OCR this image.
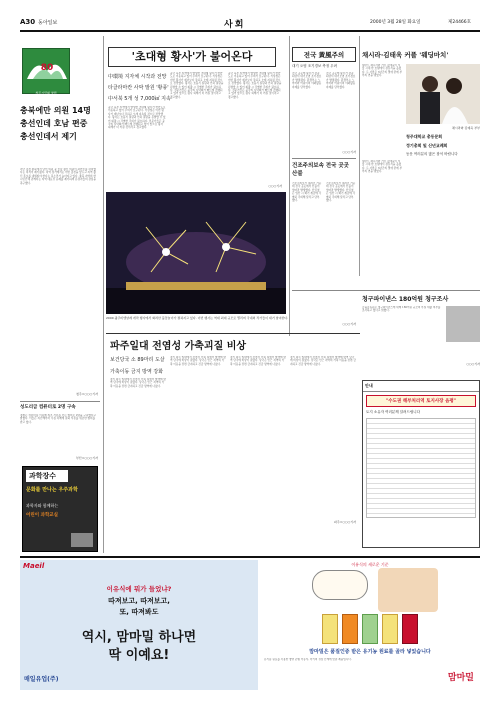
A30 동아일보	사회	2000년 3월 28일 화요일	제24466호
80
청주시민회 창립
충북에만 의원 14명 충선인데 호남 편중 충선인데서 제기

지난 총선 충북에서 당선 의원 중 호남 출신 의원이 과반수를 차지했다는 지적이 제기됐다. 지역 정가에서는 이번 총선을 앞두고 지역 출신 후보를 내세워야 한다는 목소리가 높아지고 있다. 충북 지역의 한 시민단체 관계자는 지역 대표성 문제를 제기하며 유권자들의 관심을 촉구했다.

청주=○○○기자
성도리급 컴퓨터로 2명 구속

경찰은 컴퓨터를 이용해 위조 서류를 만든 혐의로 2명을 구속했다고 밝혔다. 이들은 지난해부터 수십 차례에 걸쳐 서류를 위조한 혐의를 받고 있다.

부산=○○○기자
과학장수
문화를 만나는 우주과학
과학자와 함께하는
어린이 과학교실
'초대형 황사'가 불어온다
中環境 지자체 시작과 전망
타클라마칸 사막 발원 '황풍'
中서북 5개 성 7,000㎢ 지속

중국 북부 지역에서 발생한 초대형 황사가 한반도로 이동하고 있어 주의가 요구된다. 기상청은 이번 황사가 예년보다 강하고 오래 지속될 것으로 전망했다. 황사는 호흡기 질환과 안과 질환을 유발할 수 있어 외출 시 각별한 주의가 필요하다. 전문가들은 중국의 사막화가 빠르게 진행되고 있어 앞으로 황사 피해가 더 커질 것이라고 경고했다.

중국 북부 지역에서 발생한 초대형 황사가 한반도로 이동하고 있어 주의가 요구된다. 기상청은 이번 황사가 예년보다 강하고 오래 지속될 것으로 전망했다. 황사는 호흡기 질환과 안과 질환을 유발할 수 있어 외출 시 각별한 주의가 필요하다. 전문가들은 중국의 사막화가 빠르게 진행되고 있어 앞으로 황사 피해가 더 커질 것이라고 경고했다.

중국 북부 지역에서 발생한 초대형 황사가 한반도로 이동하고 있어 주의가 요구된다. 기상청은 이번 황사가 예년보다 강하고 오래 지속될 것으로 전망했다. 황사는 호흡기 질환과 안과 질환을 유발할 수 있어 외출 시 각별한 주의가 필요하다. 전문가들은 중국의 사막화가 빠르게 진행되고 있어 앞으로 황사 피해가 더 커질 것이라고 경고했다.

○○○기자
2000 광주비엔날레 개막 행사에서 화려한 불꽃놀이가 펼쳐지고 있다. 이번 행사는 역대 최대 규모로 열리며 국내외 작가들이 대거 참여한다.
전국 黃風주의
대기 오염 조기경보 측정 우려

전국 곳곳에 황사가 관측되면서 대기오염 조기경보가 발령됐다. 환경부는 노약자와 어린이의 야외활동 자제를 당부했다.

전국 곳곳에 황사가 관측되면서 대기오염 조기경보가 발령됐다. 환경부는 노약자와 어린이의 야외활동 자제를 당부했다.

○○○기자
건조주의보속 전국 곳곳 산불

건조주의보가 내려진 가운데 전국 곳곳에서 산불이 잇따라 발생했다. 산림청은 입산 시 화기 취급에 각별히 주의해 달라고 당부했다.

건조주의보가 내려진 가운데 전국 곳곳에서 산불이 잇따라 발생했다. 산림청은 입산 시 화기 취급에 각별히 주의해 달라고 당부했다.

○○○기자
채시라·김태욱 커플 '웨딩마치'

탤런트 채시라와 가수 김태욱이 서울 시내 한 호텔에서 결혼식을 올렸다. 두 사람은 3년간의 열애 끝에 부부의 연을 맺었다.

채시라와 김태욱 부부

탤런트 채시라와 가수 김태욱이 서울 시내 한 호텔에서 결혼식을 올렸다. 두 사람은 3년간의 열애 끝에 부부의 연을 맺었다.

청주대학교 총동문회
정기총회 및 신년교례회
동문 여러분의 많은 참석 바랍니다
청구파이낸스 180억원 청구조사

금융감독원은 청구파이낸스에 대해 180억원 규모의 부실 대출 여부를 조사하고 있다고 밝혔다.

○○○기자
파주일대 전염성 가축괴질 비상
보건당국 소 89마리 도살
가축이동 금지 방역 강화

경기 파주 일대에서 전염성 가축 질병이 발생해 방역 당국에 비상이 걸렸다. 당국은 인근 지역의 가축 이동을 전면 금지하고 긴급 방역에 나섰다.

경기 파주 일대에서 전염성 가축 질병이 발생해 방역 당국에 비상이 걸렸다. 당국은 인근 지역의 가축 이동을 전면 금지하고 긴급 방역에 나섰다.

경기 파주 일대에서 전염성 가축 질병이 발생해 방역 당국에 비상이 걸렸다. 당국은 인근 지역의 가축 이동을 전면 금지하고 긴급 방역에 나섰다.

경기 파주 일대에서 전염성 가축 질병이 발생해 방역 당국에 비상이 걸렸다. 당국은 인근 지역의 가축 이동을 전면 금지하고 긴급 방역에 나섰다.

파주=○○○기자
안내
"수도권 해부처리역 토지사장 음평"
토지 소유자 여러분께 알려드립니다
Maeil
이유식에 뭐가 들었냐?
따져보고, 따져보고,
또, 따져봐도
역시, 맘마밀 하나면
딱 이예요!
매일유업(주)
이유식의 새로운 기준
맘마밀은 품질인증 받은 유기농 원료를 골라 넣었습니다
유기농 원료를 사용한 영양 균형 이유식, 아기의 성장 단계에 맞춘 제품입니다.
맘마밀
